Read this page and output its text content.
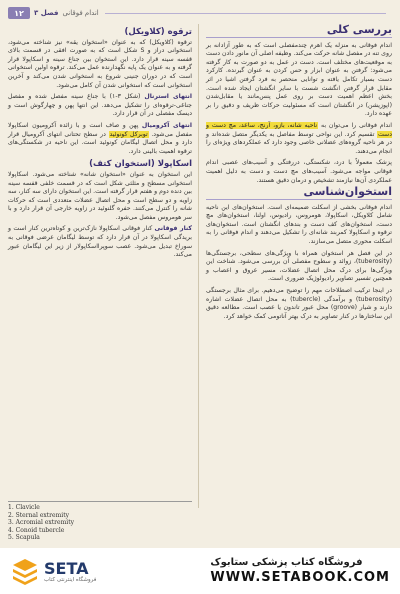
۱۲	فصل ۳ اندام فوقانی
بررسی کلی

اندام فوقانی به منزله یک اهرم چندمفصلی است که به طور آزادانه بر روی تنه در مفصل شانه حرکت می‌کند. وظیفه اصلی آن مانور دادن دست به موقعیت‌های مختلف است. دست در عمل به دو صورت به کار گرفته می‌شود: گرفتن به عنوان ابزار و حس کردن به عنوان گیرنده. کارکرد دست بسیار تکامل یافته و توانایی منحصر به فرد گرفتن اشیا در اثر مقابل قرار گرفتن انگشت شست با سایر انگشتان ایجاد شده است. بخش اعظم اهمیت دست بر روی عمل پنس‌مانند یا مقابل‌شدن (اپوزیشن) در انگشتان است که مسئولیت حرکات ظریف و دقیق را بر عهده دارد.

اندام فوقانی را می‌توان به ناحیه شانه، بازو، آرنج، ساعد، مچ دست و دست تقسیم کرد. این نواحی توسط مفاصل به یکدیگر متصل شده‌اند و در هر ناحیه گروه‌های عضلانی خاصی وجود دارد که عملکردهای ویژه‌ای را انجام می‌دهند.

پزشک معمولاً با درد، شکستگی، دررفتگی و آسیب‌های عصبی اندام فوقانی مواجه می‌شود. آسیب‌های مچ دست و دست به دلیل اهمیت عملکردی آن‌ها نیازمند تشخیص و درمان دقیق هستند.

استخوان‌شناسی

اندام فوقانی بخشی از اسکلت ضمیمه‌ای است. استخوان‌های این ناحیه شامل کلاویکل، اسکاپولا، هومروس، رادیوس، اولنا، استخوان‌های مچ دست، استخوان‌های کف دست و بندهای انگشتان است. استخوان‌های ترقوه و اسکاپولا کمربند شانه‌ای را تشکیل می‌دهند و اندام فوقانی را به اسکلت محوری متصل می‌سازند.

در این فصل هر استخوان همراه با ویژگی‌های سطحی، برجستگی‌ها (tuberosity)، زوائد و سطوح مفصلی آن بررسی می‌شود. شناخت این ویژگی‌ها برای درک محل اتصال عضلات، مسیر عروق و اعصاب و همچنین تفسیر تصاویر رادیولوژیک ضروری است.

در اینجا ترکیب اصطلاحات مهم را توضیح می‌دهیم. برای مثال برجستگی (tuberosity) و برآمدگی (tubercle) به محل اتصال عضلات اشاره دارند و شیار (groove) محل عبور تاندون یا عصب است. مطالعه دقیق این ساختارها در کنار تصاویر به درک بهتر آناتومی کمک خواهد کرد.

ترقوه (کلاویکل)

ترقوه (کلاویکل) که به عنوان «استخوان یقه» نیز شناخته می‌شود، استخوانی دراز و S شکل است که به صورت افقی در قسمت بالای قفسه سینه قرار دارد. این استخوان بین جناغ سینه و اسکاپولا قرار گرفته و به عنوان یک پایه نگهدارنده عمل می‌کند. ترقوه اولین استخوانی است که در دوران جنینی شروع به استخوانی شدن می‌کند و آخرین استخوانی است که استخوانی شدن آن کامل می‌شود.

انتهای استرنال (شکل ۳-۱) با جناغ سینه مفصل شده و مفصل جناغی-ترقوه‌ای را تشکیل می‌دهد. این انتها پهن و چهارگوش است و دیسک مفصلی در آن قرار دارد.

انتهای آکرومیال پهن و صاف است و با زائده آکرومیون اسکاپولا مفصل می‌شود. توبرکل کونوئید در سطح تحتانی انتهای آکرومیال قرار دارد و محل اتصال لیگامان کونوئید است. این ناحیه در شکستگی‌های ترقوه اهمیت بالینی دارد.

اسکاپولا (استخوان کتف)

این استخوان به عنوان «استخوان شانه» شناخته می‌شود. اسکاپولا استخوانی مسطح و مثلثی شکل است که در قسمت خلفی قفسه سینه بین دنده دوم و هفتم قرار گرفته است. این استخوان دارای سه کنار، سه زاویه و دو سطح است و محل اتصال عضلات متعددی است که حرکات شانه را کنترل می‌کنند. حفره گلنوئید در زاویه خارجی آن قرار دارد و با سر هومروس مفصل می‌شود.

کنار فوقانی کنار فوقانی اسکاپولا نازک‌ترین و کوتاه‌ترین کنار است و بریدگی اسکاپولا در آن قرار دارد که توسط لیگامان عرضی فوقانی به سوراخ تبدیل می‌شود. عصب سوپرااسکاپولار از زیر این لیگامان عبور می‌کند.

1. Clavicle
2. Sternal extremity
3. Acromial extremity
4. Conoid tubercle
5. Scapula
SETA
فروشگاه اینترنتی کتاب
فروشگاه کتاب پزشکی ستابوک
WWW.SETABOOK.COM
